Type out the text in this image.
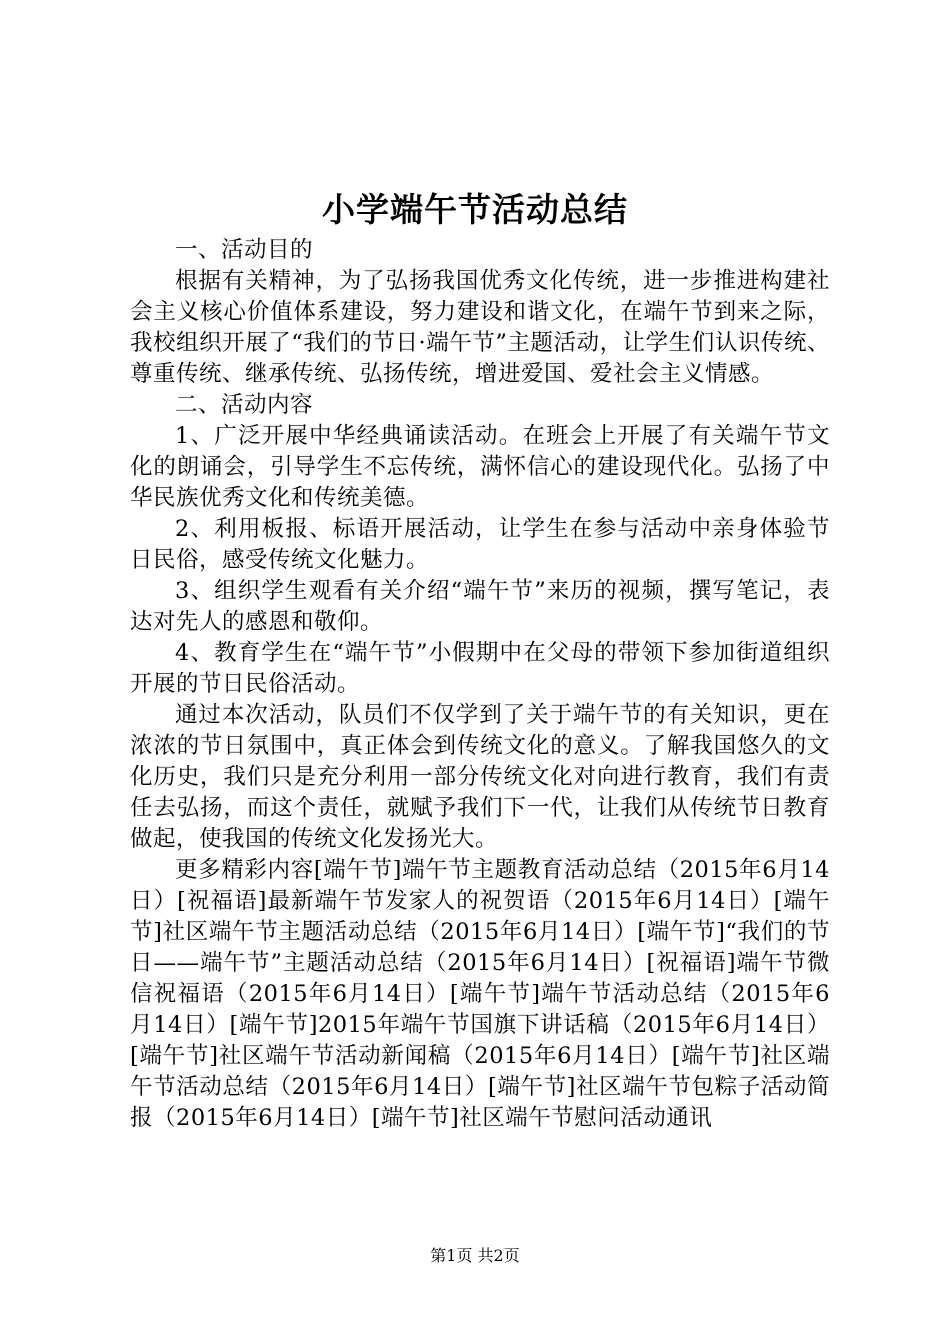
小学端午节活动总结

一、活动目的

根据有关精神，为了弘扬我国优秀文化传统，进一步推进构建社会主义核心价值体系建设，努力建设和谐文化，在端午节到来之际，我校组织开展了“我们的节日·端午节”主题活动，让学生们认识传统、尊重传统、继承传统、弘扬传统，增进爱国、爱社会主义情感。

二、活动内容

1、广泛开展中华经典诵读活动。在班会上开展了有关端午节文化的朗诵会，引导学生不忘传统，满怀信心的建设现代化。弘扬了中华民族优秀文化和传统美德。

2、利用板报、标语开展活动，让学生在参与活动中亲身体验节日民俗，感受传统文化魅力。

3、组织学生观看有关介绍“端午节”来历的视频，撰写笔记，表达对先人的感恩和敬仰。

4、教育学生在“端午节”小假期中在父母的带领下参加街道组织开展的节日民俗活动。

通过本次活动，队员们不仅学到了关于端午节的有关知识，更在浓浓的节日氛围中，真正体会到传统文化的意义。了解我国悠久的文化历史，我们只是充分利用一部分传统文化对向进行教育，我们有责任去弘扬，而这个责任，就赋予我们下一代，让我们从传统节日教育做起，使我国的传统文化发扬光大。

更多精彩内容[端午节]端午节主题教育活动总结（2015年6月14日）[祝福语]最新端午节发家人的祝贺语（2015年6月14日）[端午节]社区端午节主题活动总结（2015年6月14日）[端午节]“我们的节日——端午节”主题活动总结（2015年6月14日）[祝福语]端午节微信祝福语（2015年6月14日）[端午节]端午节活动总结（2015年6月14日）[端午节]2015年端午节国旗下讲话稿（2015年6月14日）[端午节]社区端午节活动新闻稿（2015年6月14日）[端午节]社区端午节活动总结（2015年6月14日）[端午节]社区端午节包粽子活动简报（2015年6月14日）[端午节]社区端午节慰问活动通讯

第1页 共2页
